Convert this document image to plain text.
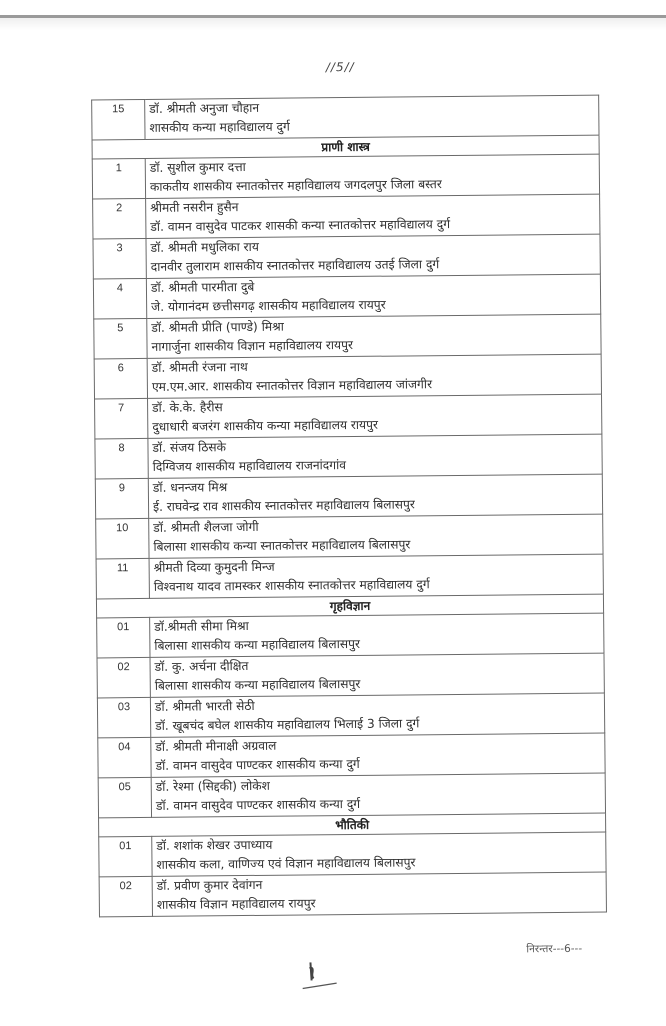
//5//
15	डॉ. श्रीमती अनुजा चौहान
शासकीय कन्या महाविद्यालय दुर्ग

प्राणी शास्त्र	
1	डॉ. सुशील कुमार दत्ता
काकतीय शासकीय स्नातकोत्तर महाविद्यालय जगदलपुर जिला बस्तर

2	श्रीमती नसरीन हुसैन
डॉ. वामन वासुदेव पाटकर शासकी कन्या स्नातकोत्तर महाविद्यालय दुर्ग

3	डॉ. श्रीमती मधुलिका राय
दानवीर तुलाराम शासकीय स्नातकोत्तर महाविद्यालय उतई जिला दुर्ग

4	डॉ. श्रीमती पारमीता दुबे
जे. योगानंदम छत्तीसगढ़ शासकीय महाविद्यालय रायपुर

5	डॉ. श्रीमती प्रीति (पाण्डे) मिश्रा
नागार्जुना शासकीय विज्ञान महाविद्यालय रायपुर

6	डॉ. श्रीमती रंजना नाथ
एम.एम.आर. शासकीय स्नातकोत्तर विज्ञान महाविद्यालय जांजगीर

7	डॉ. के.के. हैरीस
दुधाधारी बजरंग शासकीय कन्या महाविद्यालय रायपुर

8	डॉ. संजय ठिसके
दिग्विजय शासकीय महाविद्यालय राजनांदगांव

9	डॉ. धनन्जय मिश्र
ई. राघवेन्द्र राव शासकीय स्नातकोत्तर महाविद्यालय बिलासपुर

10	डॉ. श्रीमती शैलजा जोगी
बिलासा शासकीय कन्या स्नातकोत्तर महाविद्यालय बिलासपुर

11	श्रीमती दिव्या कुमुदनी मिन्ज
विश्वनाथ यादव तामस्कर शासकीय स्नातकोत्तर महाविद्यालय दुर्ग

गृहविज्ञान	
01	डॉ.श्रीमती सीमा मिश्रा
बिलासा शासकीय कन्या महाविद्यालय बिलासपुर

02	डॉ. कु. अर्चना दीक्षित
बिलासा शासकीय कन्या महाविद्यालय बिलासपुर

03	डॉ. श्रीमती भारती सेठी
डॉ. खूबचंद बघेल शासकीय महाविद्यालय भिलाई 3 जिला दुर्ग

04	डॉ. श्रीमती मीनाक्षी अग्रवाल
डॉ. वामन वासुदेव पाण्टकर शासकीय कन्या दुर्ग

05	डॉ. रेश्मा (सिद्दकी) लोकेश
डॉ. वामन वासुदेव पाण्टकर शासकीय कन्या दुर्ग

भौतिकी	
01	डॉ. शशांक शेखर उपाध्याय
शासकीय कला, वाणिज्य एवं विज्ञान महाविद्यालय बिलासपुर

02	डॉ. प्रवीण कुमार देवांगन
शासकीय विज्ञान महाविद्यालय रायपुर
निरन्तर---6---
